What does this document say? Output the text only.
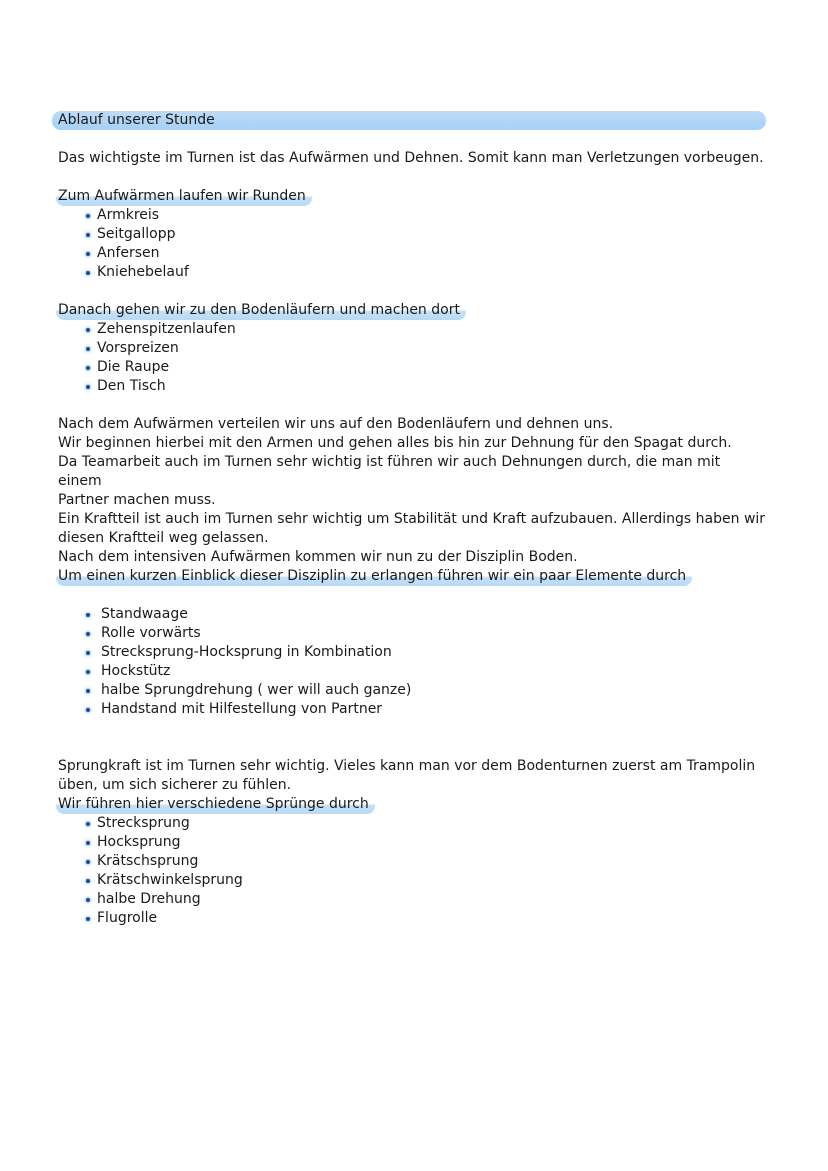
Ablauf unserer Stunde

Das wichtigste im Turnen ist das Aufwärmen und Dehnen. Somit kann man Verletzungen vorbeugen.

Zum Aufwärmen laufen wir Runden

Armkreis
Seitgallopp
Anfersen
Kniehebelauf

Danach gehen wir zu den Bodenläufern und machen dort

Zehenspitzenlaufen
Vorspreizen
Die Raupe
Den Tisch

Nach dem Aufwärmen verteilen wir uns auf den Bodenläufern und dehnen uns.

Wir beginnen hierbei mit den Armen und gehen alles bis hin zur Dehnung für den Spagat durch.

Da Teamarbeit auch im Turnen sehr wichtig ist führen wir auch Dehnungen durch, die man mit einem

Partner machen muss.

Ein Kraftteil ist auch im Turnen sehr wichtig um Stabilität und Kraft aufzubauen. Allerdings haben wir

diesen Kraftteil weg gelassen.

Nach dem intensiven Aufwärmen kommen wir nun zu der Disziplin Boden.

Um einen kurzen Einblick dieser Disziplin zu erlangen führen wir ein paar Elemente durch

Standwaage
Rolle vorwärts
Strecksprung-Hocksprung in Kombination
Hockstütz
halbe Sprungdrehung ( wer will auch ganze)
Handstand mit Hilfestellung von Partner

Sprungkraft ist im Turnen sehr wichtig. Vieles kann man vor dem Bodenturnen zuerst am Trampolin

üben, um sich sicherer zu fühlen.

Wir führen hier verschiedene Sprünge durch

Strecksprung
Hocksprung
Krätschsprung
Krätschwinkelsprung
halbe Drehung
Flugrolle
